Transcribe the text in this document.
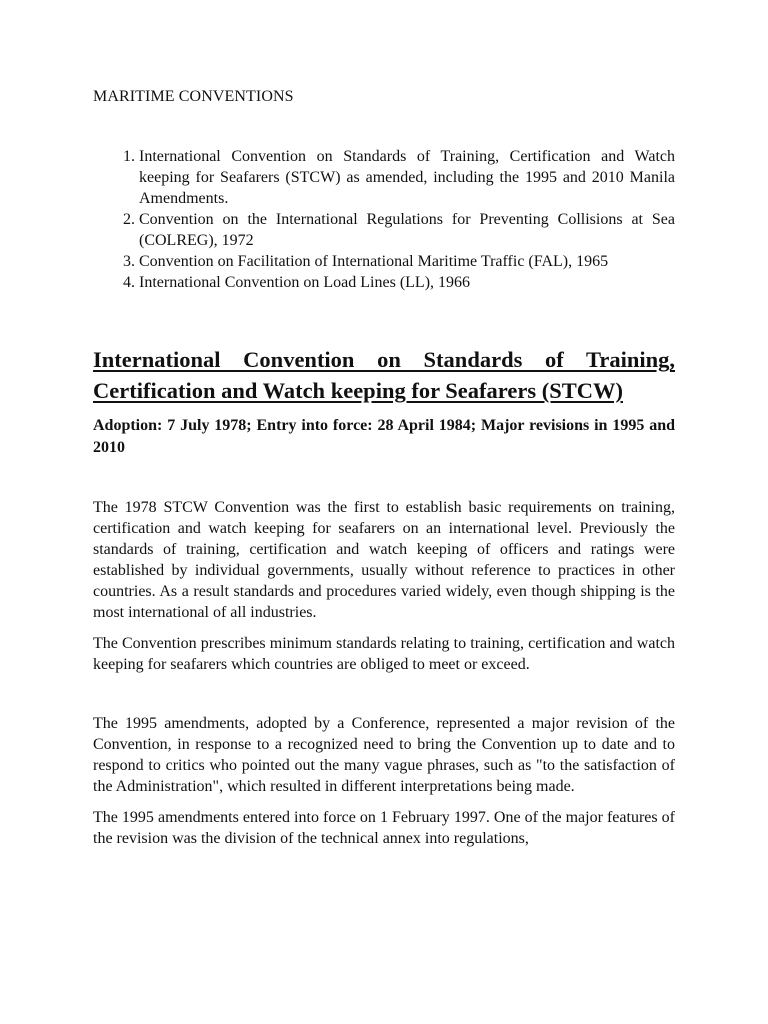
MARITIME CONVENTIONS

1. International Convention on Standards of Training, Certification and Watch keeping for Seafarers (STCW) as amended, including the 1995 and 2010 Manila Amendments.
2. Convention on the International Regulations for Preventing Collisions at Sea (COLREG), 1972
3. Convention on Facilitation of International Maritime Traffic (FAL), 1965
4. International Convention on Load Lines (LL), 1966
International Convention on Standards of Training, Certification and Watch keeping for Seafarers (STCW)

Adoption: 7 July 1978; Entry into force: 28 April 1984; Major revisions in 1995 and 2010

The 1978 STCW Convention was the first to establish basic requirements on training, certification and watch keeping for seafarers on an international level. Previously the standards of training, certification and watch keeping of officers and ratings were established by individual governments, usually without reference to practices in other countries. As a result standards and procedures varied widely, even though shipping is the most international of all industries.

The Convention prescribes minimum standards relating to training, certification and watch keeping for seafarers which countries are obliged to meet or exceed.

The 1995 amendments, adopted by a Conference, represented a major revision of the Convention, in response to a recognized need to bring the Convention up to date and to respond to critics who pointed out the many vague phrases, such as "to the satisfaction of the Administration", which resulted in different interpretations being made.

The 1995 amendments entered into force on 1 February 1997. One of the major features of the revision was the division of the technical annex into regulations,
